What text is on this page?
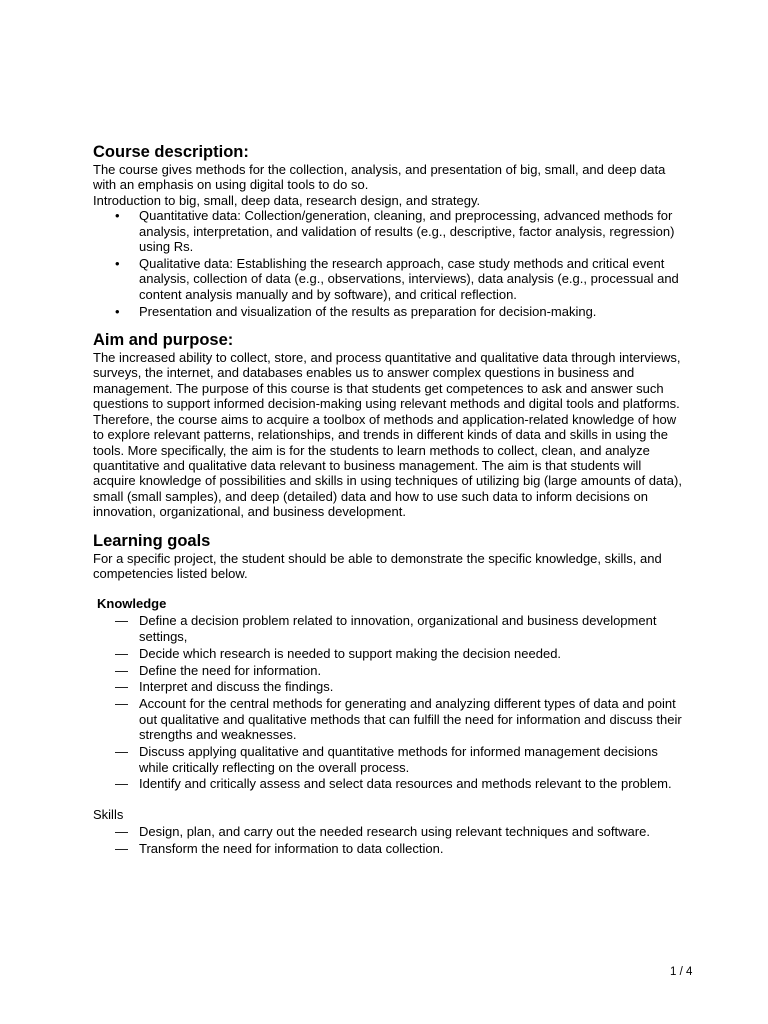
Course description:

The course gives methods for the collection, analysis, and presentation of big, small, and deep data with an emphasis on using digital tools to do so.

Introduction to big, small, deep data, research design, and strategy.

• Quantitative data: Collection/generation, cleaning, and preprocessing, advanced methods for analysis, interpretation, and validation of results (e.g., descriptive, factor analysis, regression) using Rs.
• Qualitative data: Establishing the research approach, case study methods and critical event analysis, collection of data (e.g., observations, interviews), data analysis (e.g., processual and content analysis manually and by software), and critical reflection.
• Presentation and visualization of the results as preparation for decision-making.
Aim and purpose:

The increased ability to collect, store, and process quantitative and qualitative data through interviews, surveys, the internet, and databases enables us to answer complex questions in business and management. The purpose of this course is that students get competences to ask and answer such questions to support informed decision-making using relevant methods and digital tools and platforms.

Therefore, the course aims to acquire a toolbox of methods and application-related knowledge of how to explore relevant patterns, relationships, and trends in different kinds of data and skills in using the tools. More specifically, the aim is for the students to learn methods to collect, clean, and analyze quantitative and qualitative data relevant to business management. The aim is that students will acquire knowledge of possibilities and skills in using techniques of utilizing big (large amounts of data), small (small samples), and deep (detailed) data and how to use such data to inform decisions on innovation, organizational, and business development.

Learning goals

For a specific project, the student should be able to demonstrate the specific knowledge, skills, and competencies listed below.

Knowledge
— Define a decision problem related to innovation, organizational and business development settings,
— Decide which research is needed to support making the decision needed.
— Define the need for information.
— Interpret and discuss the findings.
— Account for the central methods for generating and analyzing different types of data and point out qualitative and qualitative methods that can fulfill the need for information and discuss their strengths and weaknesses.
— Discuss applying qualitative and quantitative methods for informed management decisions while critically reflecting on the overall process.
— Identify and critically assess and select data resources and methods relevant to the problem.
Skills
— Design, plan, and carry out the needed research using relevant techniques and software.
— Transform the need for information to data collection.
1 / 4
